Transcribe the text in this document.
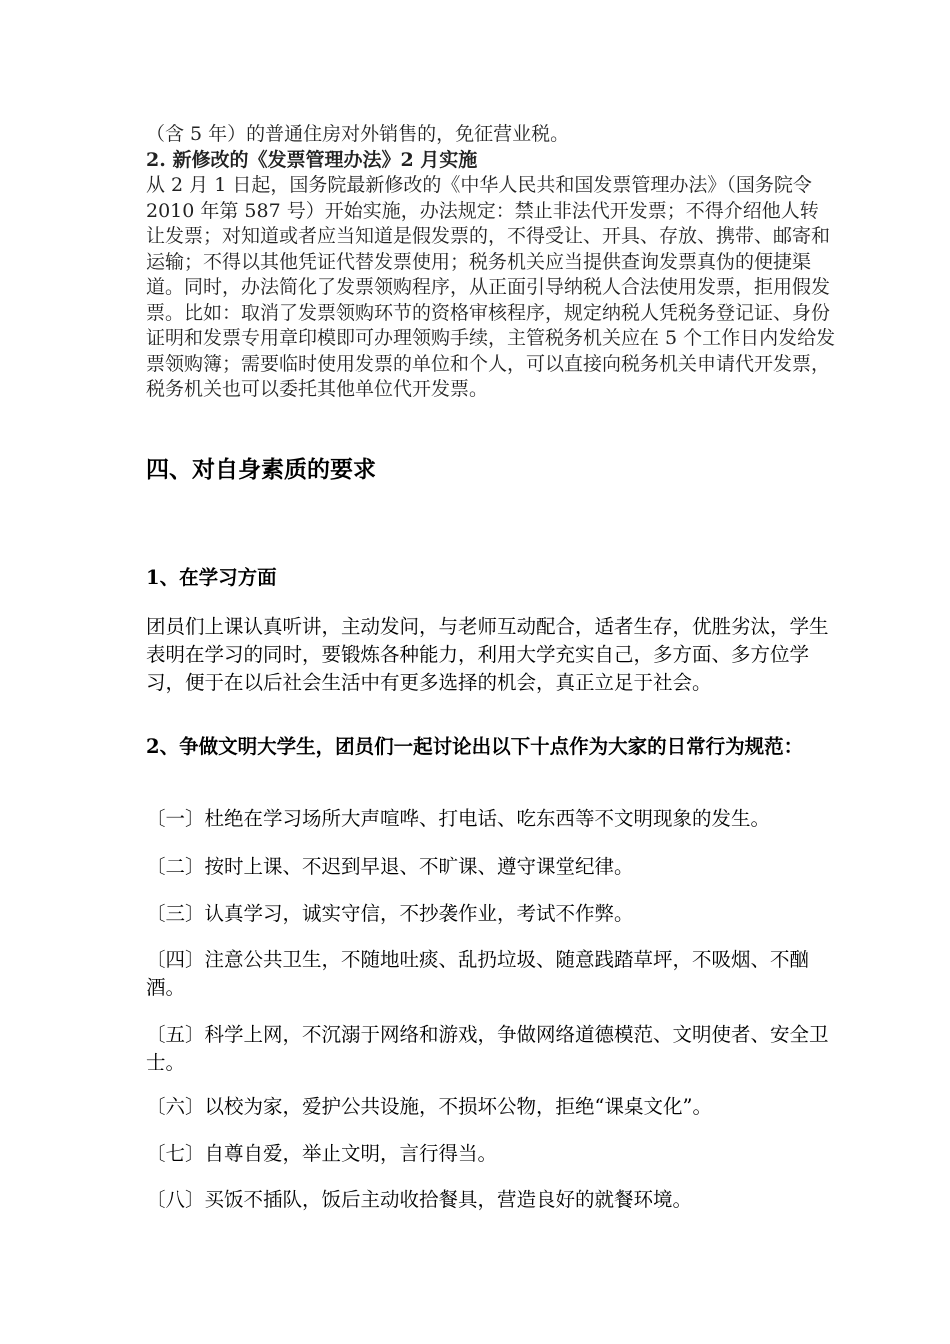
（含 5 年）的普通住房对外销售的，免征营业税。

2. 新修改的《发票管理办法》2 月实施

从 2 月 1 日起，国务院最新修改的《中华人民共和国发票管理办法》（国务院令 2010 年第 587 号）开始实施，办法规定：禁止非法代开发票；不得介绍他人转让发票；对知道或者应当知道是假发票的，不得受让、开具、存放、携带、邮寄和运输；不得以其他凭证代替发票使用；税务机关应当提供查询发票真伪的便捷渠道。同时，办法简化了发票领购程序，从正面引导纳税人合法使用发票，拒用假发票。比如：取消了发票领购环节的资格审核程序，规定纳税人凭税务登记证、身份证明和发票专用章印模即可办理领购手续，主管税务机关应在 5 个工作日内发给发票领购簿；需要临时使用发票的单位和个人，可以直接向税务机关申请代开发票，税务机关也可以委托其他单位代开发票。

四、对自身素质的要求

1、在学习方面

团员们上课认真听讲，主动发问，与老师互动配合，适者生存，优胜劣汰，学生表明在学习的同时，要锻炼各种能力，利用大学充实自己，多方面、多方位学习，便于在以后社会生活中有更多选择的机会，真正立足于社会。

2、争做文明大学生，团员们一起讨论出以下十点作为大家的日常行为规范：

〔一〕杜绝在学习场所大声喧哗、打电话、吃东西等不文明现象的发生。

〔二〕按时上课、不迟到早退、不旷课、遵守课堂纪律。

〔三〕认真学习，诚实守信，不抄袭作业，考试不作弊。

〔四〕注意公共卫生，不随地吐痰、乱扔垃圾、随意践踏草坪，不吸烟、不酗酒。

〔五〕科学上网，不沉溺于网络和游戏，争做网络道德模范、文明使者、安全卫士。

〔六〕以校为家，爱护公共设施，不损坏公物，拒绝“课桌文化”。

〔七〕自尊自爱，举止文明，言行得当。

〔八〕买饭不插队，饭后主动收拾餐具，营造良好的就餐环境。
